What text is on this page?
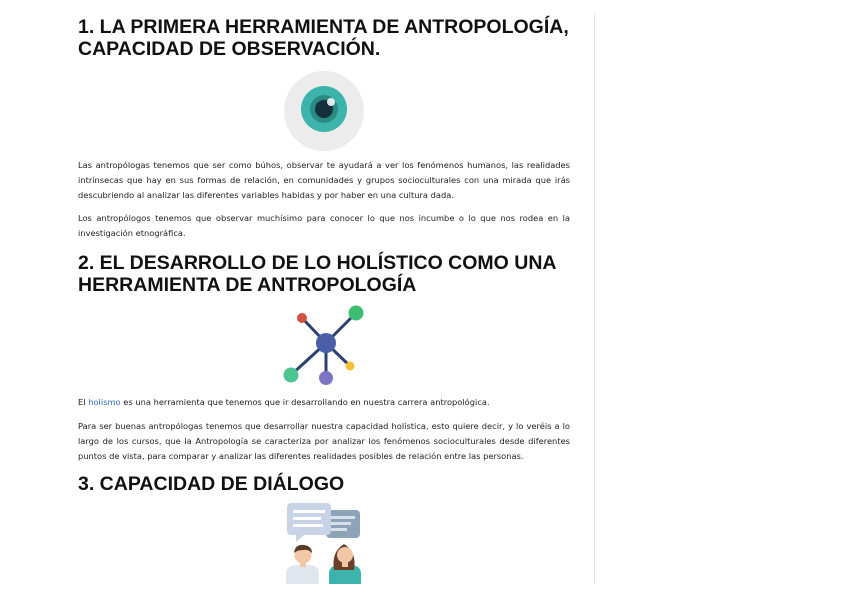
1. LA PRIMERA HERRAMIENTA DE ANTROPOLOGÍA,
CAPACIDAD DE OBSERVACIÓN.

Las antropólogas tenemos que ser como búhos, observar te ayudará a ver los fenómenos humanos, las realidades intrínsecas que hay en sus formas de relación, en comunidades y grupos socioculturales con una mirada que irás descubriendo al analizar las diferentes variables habidas y por haber en una cultura dada.

Los antropólogos tenemos que observar muchísimo para conocer lo que nos incumbe o lo que nos rodea en la investigación etnográfica.

2. EL DESARROLLO DE LO HOLÍSTICO COMO UNA
HERRAMIENTA DE ANTROPOLOGÍA

El holismo es una herramienta que tenemos que ir desarrollando en nuestra carrera antropológica.

Para ser buenas antropólogas tenemos que desarrollar nuestra capacidad holística, esto quiere decir, y lo veréis a lo largo de los cursos, que la Antropología se caracteriza por analizar los fenómenos socioculturales desde diferentes puntos de vista, para comparar y analizar las diferentes realidades posibles de relación entre las personas.

3. CAPACIDAD DE DIÁLOGO
